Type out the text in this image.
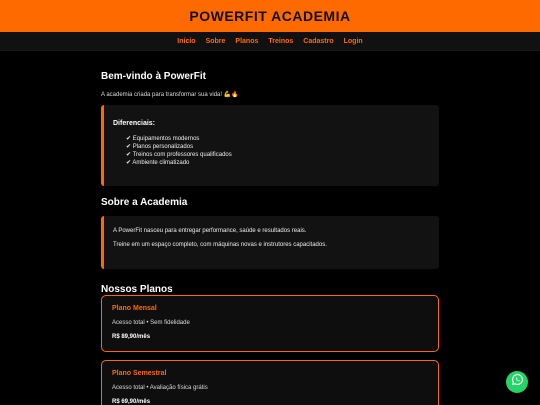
POWERFIT ACADEMIA
Início Sobre Planos Treinos Cadastro Login
Bem-vindo à PowerFit

A academia criada para transformar sua vida! 💪🔥

Diferenciais:
✔ Equipamentos modernos
✔ Planos personalizados
✔ Treinos com professores qualificados
✔ Ambiente climatizado
Sobre a Academia

A PowerFit nasceu para entregar performance, saúde e resultados reais.

Treine em um espaço completo, com máquinas novas e instrutores capacitados.

Nossos Planos
Plano Mensal

Acesso total • Sem fidelidade

R$ 89,90/mês

Plano Semestral

Acesso total • Avaliação física grátis

R$ 69,90/mês
